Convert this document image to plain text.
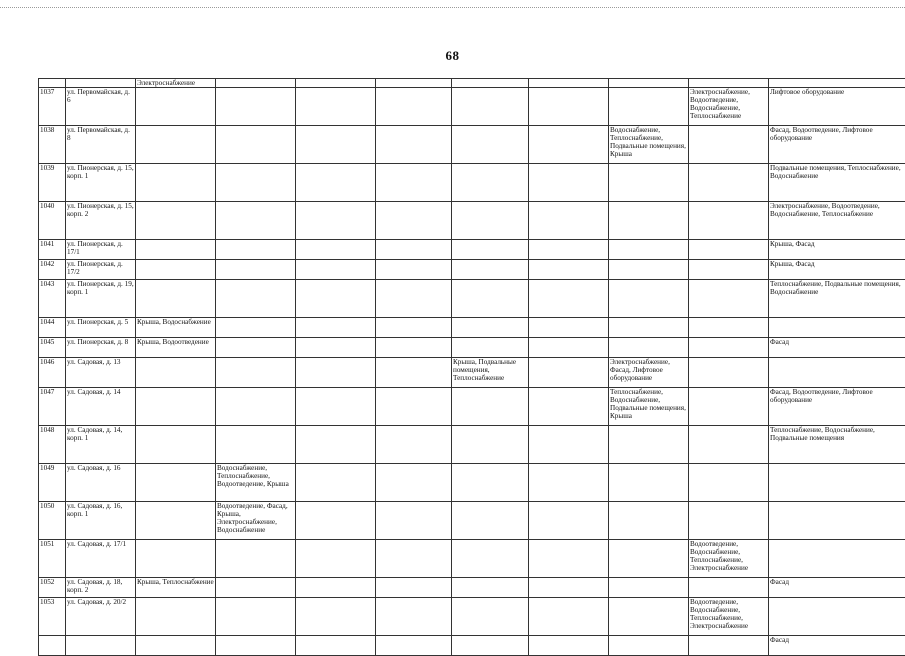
68
		Электроснабжение								
1037	ул. Первомайская, д. 6								Электроснабжение, Водоотведение, Водоснабжение, Теплоснабжение	Лифтовое оборудование
1038	ул. Первомайская, д. 8							Водоснабжение, Теплоснабжение, Подвальные помещения, Крыша		Фасад, Водоотведение, Лифтовое оборудование
1039	ул. Пионерская, д. 15, корп. 1									Подвальные помещения, Теплоснабжение, Водоснабжение
1040	ул. Пионерская, д. 15, корп. 2									Электроснабжение, Водоотведение, Водоснабжение, Теплоснабжение
1041	ул. Пионерская, д. 17/1									Крыша, Фасад
1042	ул. Пионерская, д. 17/2									Крыша, Фасад
1043	ул. Пионерская, д. 19, корп. 1									Теплоснабжение, Подвальные помещения, Водоснабжение
1044	ул. Пионерская, д. 5	Крыша, Водоснабжение								
1045	ул. Пионерская, д. 8	Крыша, Водоотведение								Фасад
1046	ул. Садовая, д. 13					Крыша, Подвальные помещения, Теплоснабжение		Электроснабжение, Фасад, Лифтовое оборудование		
1047	ул. Садовая, д. 14							Теплоснабжение, Водоснабжение, Подвальные помещения, Крыша		Фасад, Водоотведение, Лифтовое оборудование
1048	ул. Садовая, д. 14, корп. 1									Теплоснабжение, Водоснабжение, Подвальные помещения
1049	ул. Садовая, д. 16		Водоснабжение, Теплоснабжение, Водоотведение, Крыша							
1050	ул. Садовая, д. 16, корп. 1		Водоотведение, Фасад, Крыша, Электроснабжение, Водоснабжение							
1051	ул. Садовая, д. 17/1								Водоотведение, Водоснабжение, Теплоснабжение, Электроснабжение	
1052	ул. Садовая, д. 18, корп. 2	Крыша, Теплоснабжение								Фасад
1053	ул. Садовая, д. 20/2								Водоотведение, Водоснабжение, Теплоснабжение, Электроснабжение	
										Фасад
